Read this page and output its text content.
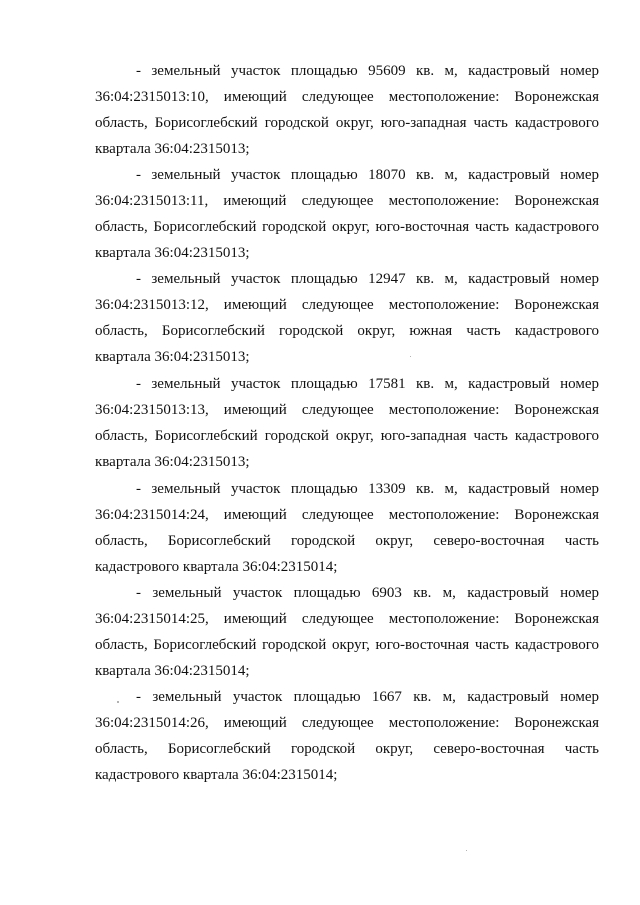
- земельный участок площадью 95609 кв. м, кадастровый номер
36:04:2315013:10, имеющий следующее местоположение: Воронежская
область, Борисоглебский городской округ, юго-западная часть кадастрового
квартала 36:04:2315013;
- земельный участок площадью 18070 кв. м, кадастровый номер
36:04:2315013:11, имеющий следующее местоположение: Воронежская
область, Борисоглебский городской округ, юго-восточная часть кадастрового
квартала 36:04:2315013;
- земельный участок площадью 12947 кв. м, кадастровый номер
36:04:2315013:12, имеющий следующее местоположение: Воронежская
область, Борисоглебский городской округ, южная часть кадастрового
квартала 36:04:2315013;
- земельный участок площадью 17581 кв. м, кадастровый номер
36:04:2315013:13, имеющий следующее местоположение: Воронежская
область, Борисоглебский городской округ, юго-западная часть кадастрового
квартала 36:04:2315013;
- земельный участок площадью 13309 кв. м, кадастровый номер
36:04:2315014:24, имеющий следующее местоположение: Воронежская
область, Борисоглебский городской округ, северо-восточная часть
кадастрового квартала 36:04:2315014;
- земельный участок площадью 6903 кв. м, кадастровый номер
36:04:2315014:25, имеющий следующее местоположение: Воронежская
область, Борисоглебский городской округ, юго-восточная часть кадастрового
квартала 36:04:2315014;
- земельный участок площадью 1667 кв. м, кадастровый номер
36:04:2315014:26, имеющий следующее местоположение: Воронежская
область, Борисоглебский городской округ, северо-восточная часть
кадастрового квартала 36:04:2315014;
